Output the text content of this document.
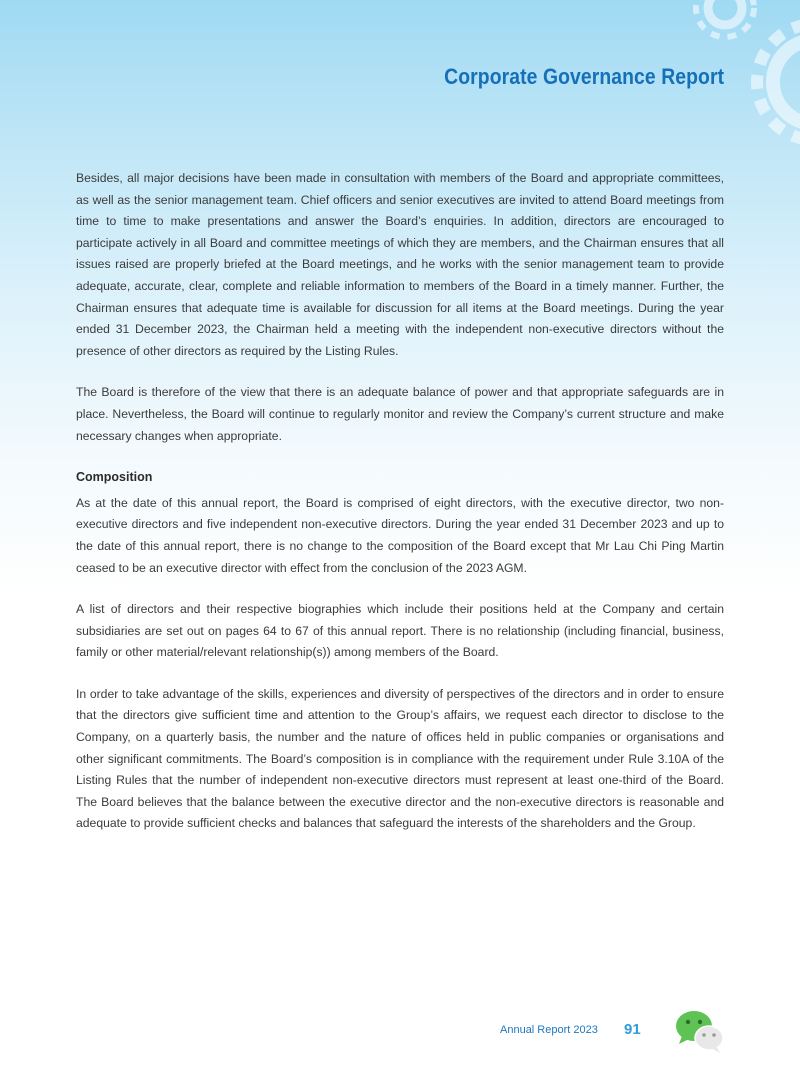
Corporate Governance Report

Besides, all major decisions have been made in consultation with members of the Board and appropriate committees, as well as the senior management team. Chief officers and senior executives are invited to attend Board meetings from time to time to make presentations and answer the Board’s enquiries. In addition, directors are encouraged to participate actively in all Board and committee meetings of which they are members, and the Chairman ensures that all issues raised are properly briefed at the Board meetings, and he works with the senior management team to provide adequate, accurate, clear, complete and reliable information to members of the Board in a timely manner. Further, the Chairman ensures that adequate time is available for discussion for all items at the Board meetings. During the year ended 31 December 2023, the Chairman held a meeting with the independent non-executive directors without the presence of other directors as required by the Listing Rules.

The Board is therefore of the view that there is an adequate balance of power and that appropriate safeguards are in place. Nevertheless, the Board will continue to regularly monitor and review the Company’s current structure and make necessary changes when appropriate.

Composition

As at the date of this annual report, the Board is comprised of eight directors, with the executive director, two non-executive directors and five independent non-executive directors. During the year ended 31 December 2023 and up to the date of this annual report, there is no change to the composition of the Board except that Mr Lau Chi Ping Martin ceased to be an executive director with effect from the conclusion of the 2023 AGM.

A list of directors and their respective biographies which include their positions held at the Company and certain subsidiaries are set out on pages 64 to 67 of this annual report. There is no relationship (including financial, business, family or other material/relevant relationship(s)) among members of the Board.

In order to take advantage of the skills, experiences and diversity of perspectives of the directors and in order to ensure that the directors give sufficient time and attention to the Group’s affairs, we request each director to disclose to the Company, on a quarterly basis, the number and the nature of offices held in public companies or organisations and other significant commitments. The Board’s composition is in compliance with the requirement under Rule 3.10A of the Listing Rules that the number of independent non-executive directors must represent at least one-third of the Board. The Board believes that the balance between the executive director and the non-executive directors is reasonable and adequate to provide sufficient checks and balances that safeguard the interests of the shareholders and the Group.

Annual Report 2023 91
